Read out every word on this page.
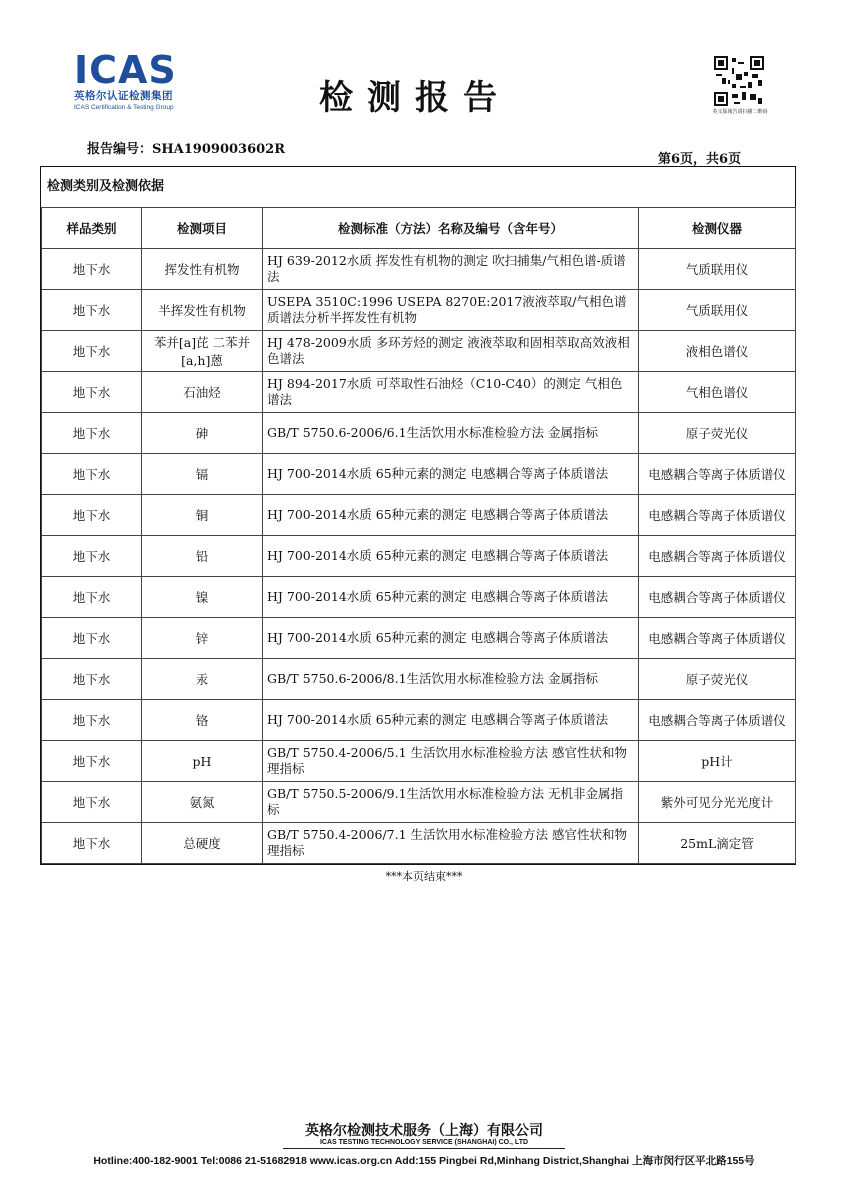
ICAS
英格尔认证检测集团
ICAS Certification & Testing Group	检测报告	英文版報告请扫描二维码
报告编号：SHA1909003602R
第6页，共6页
检测类别及检测依据
样品类别	检测项目	检测标准（方法）名称及编号（含年号）	检测仪器
地下水	挥发性有机物	HJ 639-2012水质 挥发性有机物的测定 吹扫捕集/气相色谱-质谱法	气质联用仪
地下水	半挥发性有机物	USEPA 3510C:1996 USEPA 8270E:2017液液萃取/气相色谱质谱法分析半挥发性有机物	气质联用仪
地下水	苯并[a]芘 二苯并[a,h]蒽	HJ 478-2009水质 多环芳烃的测定 液液萃取和固相萃取高效液相色谱法	液相色谱仪
地下水	石油烃	HJ 894-2017水质 可萃取性石油烃（C10-C40）的测定 气相色谱法	气相色谱仪
地下水	砷	GB/T 5750.6-2006/6.1生活饮用水标准检验方法 金属指标	原子荧光仪
地下水	镉	HJ 700-2014水质 65种元素的测定 电感耦合等离子体质谱法	电感耦合等离子体质谱仪
地下水	铜	HJ 700-2014水质 65种元素的测定 电感耦合等离子体质谱法	电感耦合等离子体质谱仪
地下水	铅	HJ 700-2014水质 65种元素的测定 电感耦合等离子体质谱法	电感耦合等离子体质谱仪
地下水	镍	HJ 700-2014水质 65种元素的测定 电感耦合等离子体质谱法	电感耦合等离子体质谱仪
地下水	锌	HJ 700-2014水质 65种元素的测定 电感耦合等离子体质谱法	电感耦合等离子体质谱仪
地下水	汞	GB/T 5750.6-2006/8.1生活饮用水标准检验方法 金属指标	原子荧光仪
地下水	铬	HJ 700-2014水质 65种元素的测定 电感耦合等离子体质谱法	电感耦合等离子体质谱仪
地下水	pH	GB/T 5750.4-2006/5.1 生活饮用水标准检验方法 感官性状和物理指标	pH计
地下水	氨氮	GB/T 5750.5-2006/9.1生活饮用水标准检验方法 无机非金属指标	紫外可见分光光度计
地下水	总硬度	GB/T 5750.4-2006/7.1 生活饮用水标准检验方法 感官性状和物理指标	25mL滴定管
***本页结束***
英格尔检测技术服务（上海）有限公司
ICAS TESTING TECHNOLOGY SERVICE (SHANGHAI) CO., LTD
Hotline:400-182-9001 Tel:0086 21-51682918 www.icas.org.cn Add:155 Pingbei Rd,Minhang District,Shanghai 上海市闵行区平北路155号
